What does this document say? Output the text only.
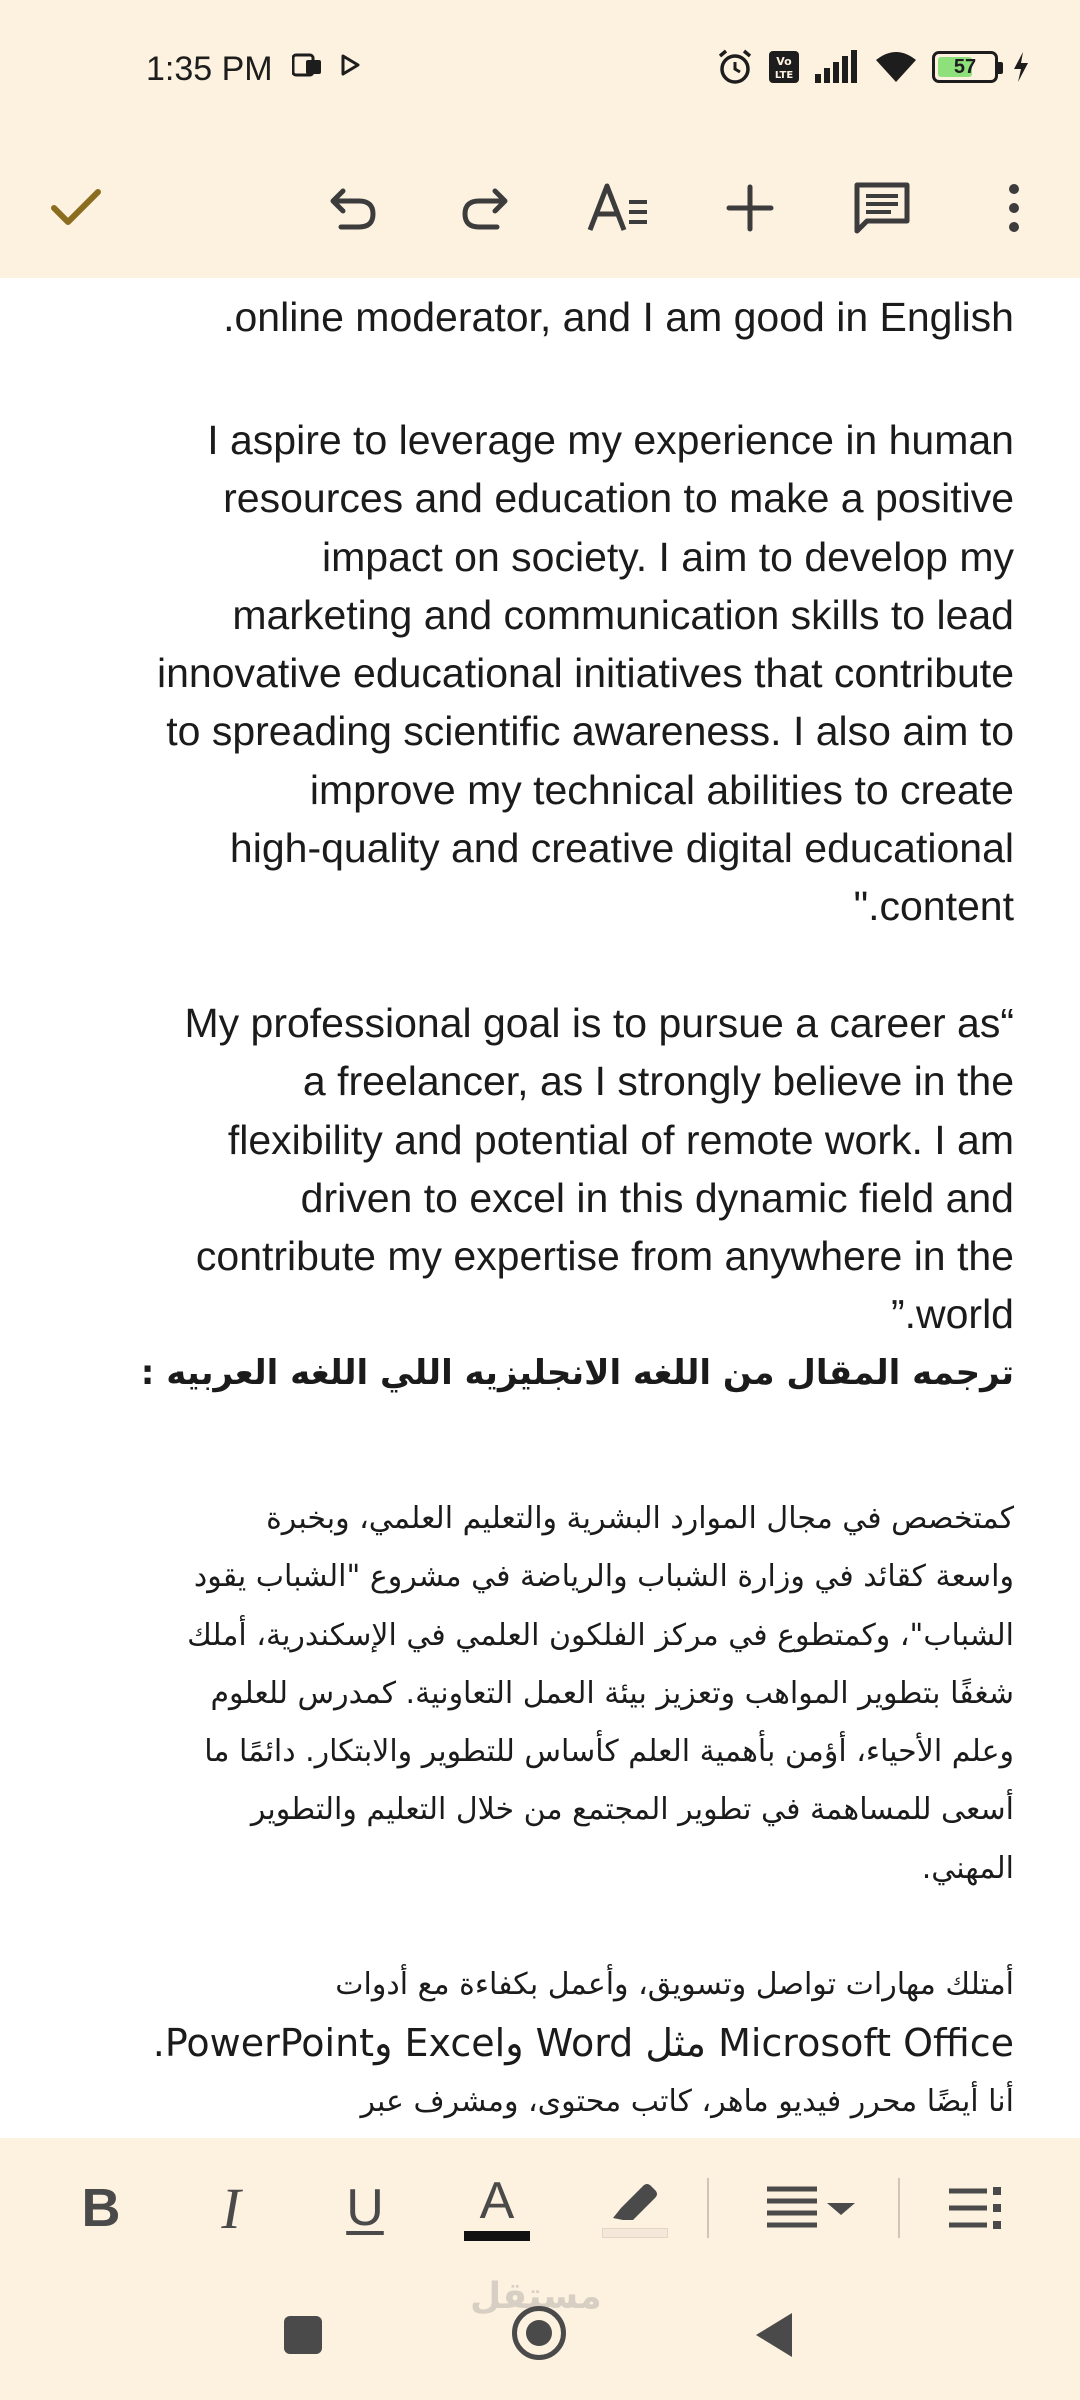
1:35 PM	Vo
LTE	57
.online moderator, and I am good in English
I aspire to leverage my experience in human
resources and education to make a positive
impact on society. I aim to develop my
marketing and communication skills to lead
innovative educational initiatives that contribute
to spreading scientific awareness. I also aim to
improve my technical abilities to create
high-quality and creative digital educational
".content
My professional goal is to pursue a career as“
a freelancer, as I strongly believe in the
flexibility and potential of remote work. I am
driven to excel in this dynamic field and
contribute my expertise from anywhere in the
”.world
ترجمه المقال من اللغه الانجليزيه اللي اللغه العربيه :
كمتخصص في مجال الموارد البشرية والتعليم العلمي، وبخبرة
واسعة كقائد في وزارة الشباب والرياضة في مشروع "الشباب يقود
الشباب"، وكمتطوع في مركز الفلكون العلمي في الإسكندرية، أملك
شغفًا بتطوير المواهب وتعزيز بيئة العمل التعاونية. كمدرس للعلوم
وعلم الأحياء، أؤمن بأهمية العلم كأساس للتطوير والابتكار. دائمًا ما
أسعى للمساهمة في تطوير المجتمع من خلال التعليم والتطوير
المهني.
أمتلك مهارات تواصل وتسويق، وأعمل بكفاءة مع أدوات
Microsoft Office مثل Word وExcel وPowerPoint.
أنا أيضًا محرر فيديو ماهر، كاتب محتوى، ومشرف عبر
B I U A
مستقل
